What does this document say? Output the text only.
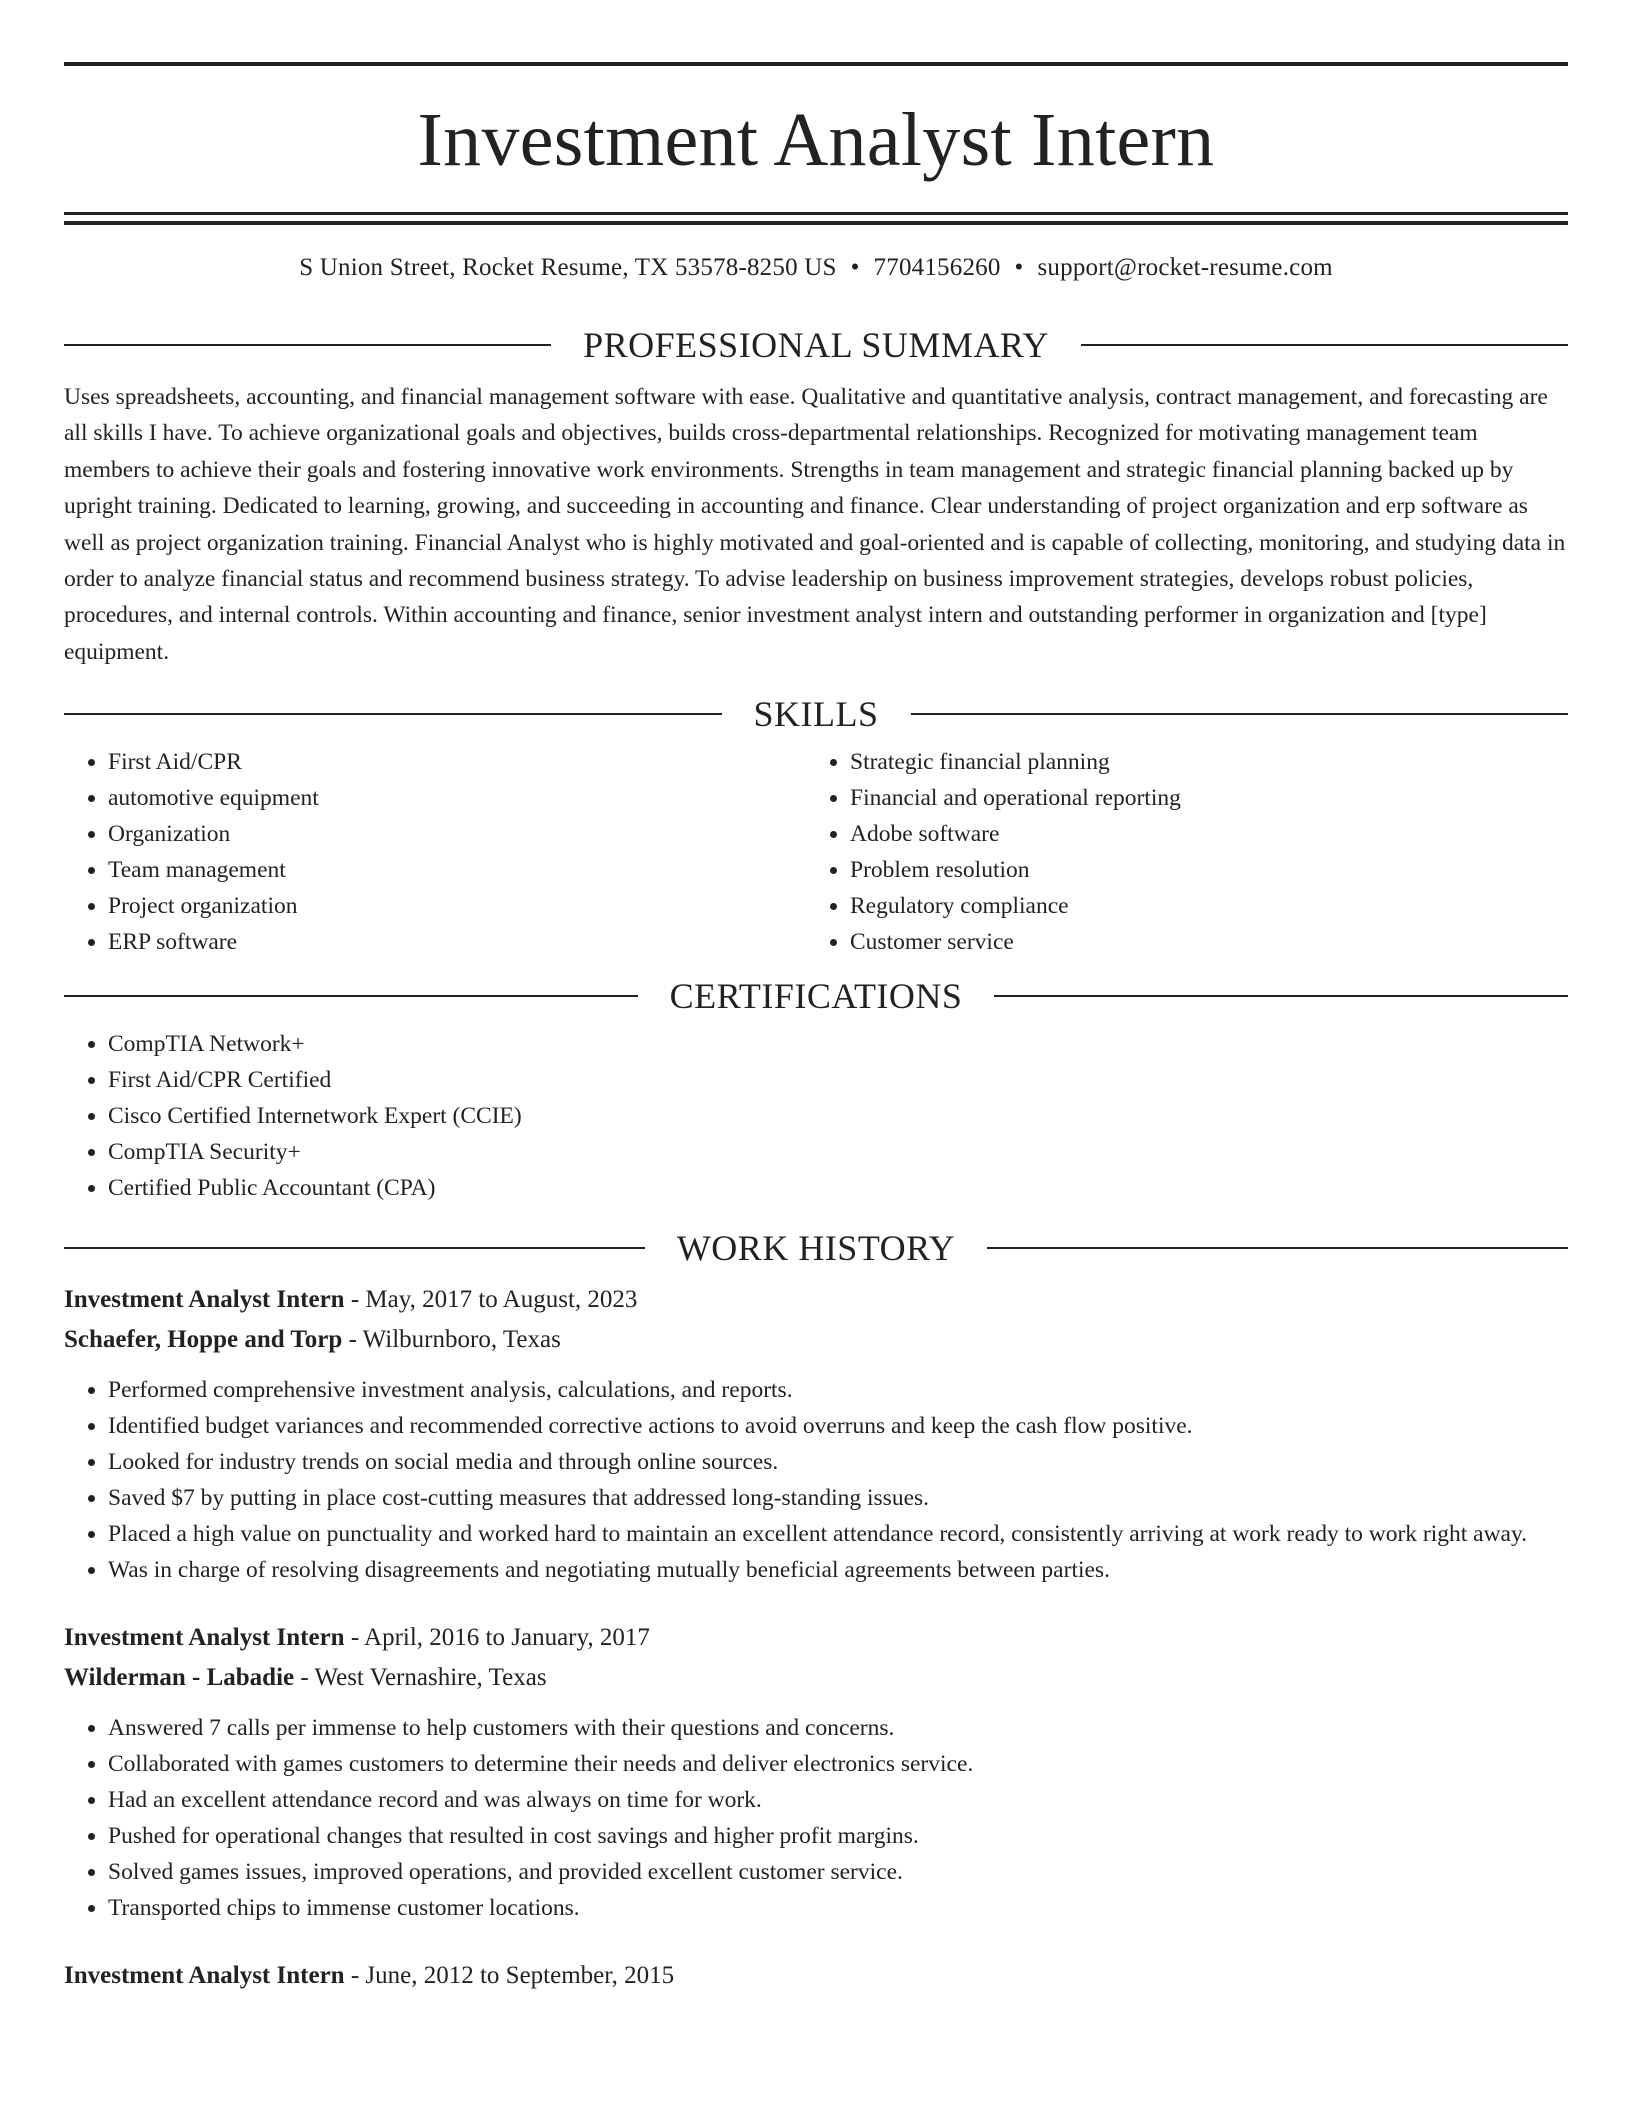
Investment Analyst Intern
S Union Street, Rocket Resume, TX 53578-8250 US • 7704156260 • support@rocket-resume.com
PROFESSIONAL SUMMARY

Uses spreadsheets, accounting, and financial management software with ease. Qualitative and quantitative analysis, contract management, and forecasting are all skills I have. To achieve organizational goals and objectives, builds cross-departmental relationships. Recognized for motivating management team members to achieve their goals and fostering innovative work environments. Strengths in team management and strategic financial planning backed up by upright training. Dedicated to learning, growing, and succeeding in accounting and finance. Clear understanding of project organization and erp software as well as project organization training. Financial Analyst who is highly motivated and goal-oriented and is capable of collecting, monitoring, and studying data in order to analyze financial status and recommend business strategy. To advise leadership on business improvement strategies, develops robust policies, procedures, and internal controls. Within accounting and finance, senior investment analyst intern and outstanding performer in organization and [type] equipment.

SKILLS
• First Aid/CPR
• automotive equipment
• Organization
• Team management
• Project organization
• ERP software
• Strategic financial planning
• Financial and operational reporting
• Adobe software
• Problem resolution
• Regulatory compliance
• Customer service
CERTIFICATIONS
• CompTIA Network+
• First Aid/CPR Certified
• Cisco Certified Internetwork Expert (CCIE)
• CompTIA Security+
• Certified Public Accountant (CPA)
WORK HISTORY
Investment Analyst Intern - May, 2017 to August, 2023
Schaefer, Hoppe and Torp - Wilburnboro, Texas
• Performed comprehensive investment analysis, calculations, and reports.
• Identified budget variances and recommended corrective actions to avoid overruns and keep the cash flow positive.
• Looked for industry trends on social media and through online sources.
• Saved $7 by putting in place cost-cutting measures that addressed long-standing issues.
• Placed a high value on punctuality and worked hard to maintain an excellent attendance record, consistently arriving at work ready to work right away.
• Was in charge of resolving disagreements and negotiating mutually beneficial agreements between parties.
Investment Analyst Intern - April, 2016 to January, 2017
Wilderman - Labadie - West Vernashire, Texas
• Answered 7 calls per immense to help customers with their questions and concerns.
• Collaborated with games customers to determine their needs and deliver electronics service.
• Had an excellent attendance record and was always on time for work.
• Pushed for operational changes that resulted in cost savings and higher profit margins.
• Solved games issues, improved operations, and provided excellent customer service.
• Transported chips to immense customer locations.
Investment Analyst Intern - June, 2012 to September, 2015
